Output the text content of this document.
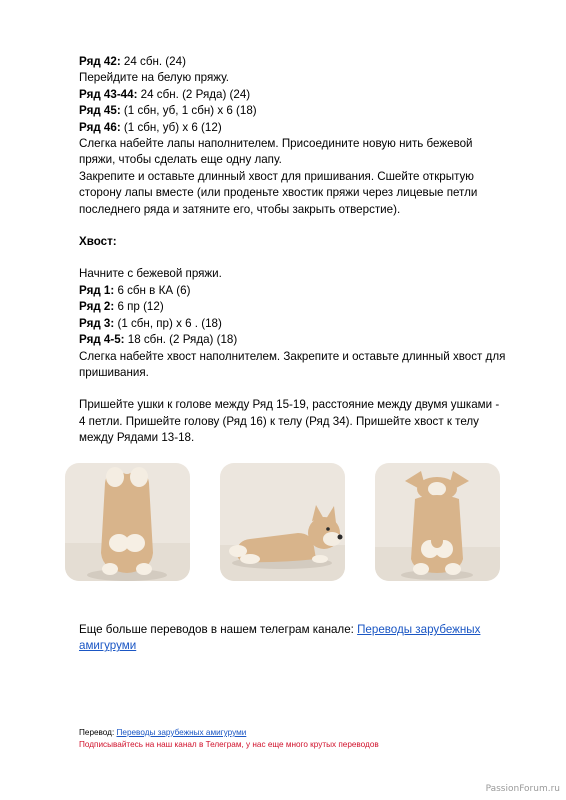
Ряд 42: 24 сбн. (24)

Перейдите на белую пряжу.

Ряд 43-44: 24 сбн. (2 Ряда) (24)

Ряд 45: (1 сбн, уб, 1 сбн) x 6 (18)

Ряд 46: (1 сбн, уб) x 6 (12)

Слегка набейте лапы наполнителем. Присоедините новую нить бежевой

пряжи, чтобы сделать еще одну лапу.

Закрепите и оставьте длинный хвост для пришивания. Сшейте открытую

сторону лапы вместе (или проденьте хвостик пряжи через лицевые петли

последнего ряда и затяните его, чтобы закрыть отверстие).

Хвост:

Начните с бежевой пряжи.

Ряд 1: 6 сбн в КА (6)

Ряд 2: 6 пр (12)

Ряд 3: (1 сбн, пр) x 6 . (18)

Ряд 4-5: 18 сбн. (2 Ряда) (18)

Слегка набейте хвост наполнителем. Закрепите и оставьте длинный хвост для

пришивания.

Пришейте ушки к голове между Ряд 15-19, расстояние между двумя ушками -

4 петли. Пришейте голову (Ряд 16) к телу (Ряд 34). Пришейте хвост к телу

между Рядами 13-18.

Еще больше переводов в нашем телеграм канале: Переводы зарубежных
амигуруми
Перевод: Переводы зарубежных амигуруми
Подписывайтесь на наш канал в Телеграм, у нас еще много крутых переводов
PassionForum.ru
